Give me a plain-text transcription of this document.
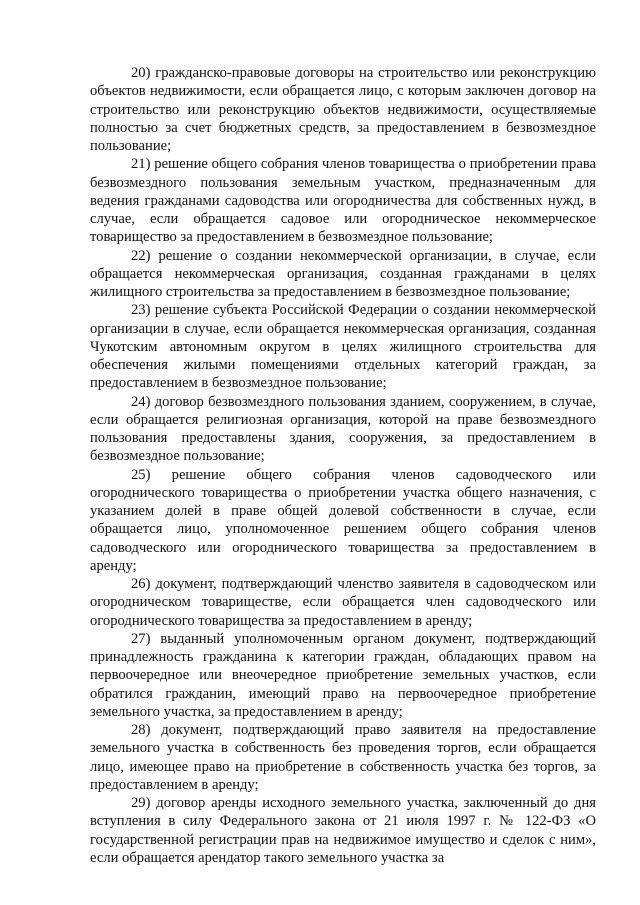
20) гражданско-правовые договоры на строительство или реконструкцию объектов недвижимости, если обращается лицо, с которым заключен договор на строительство или реконструкцию объектов недвижимости, осуществляемые полностью за счет бюджетных средств, за предоставлением в безвозмездное пользование;

21) решение общего собрания членов товарищества о приобретении права безвозмездного пользования земельным участком, предназначенным для ведения гражданами садоводства или огородничества для собственных нужд, в случае, если обращается садовое или огородническое некоммерческое товарищество за предоставлением в безвозмездное пользование;

22) решение о создании некоммерческой организации, в случае, если обращается некоммерческая организация, созданная гражданами в целях жилищного строительства за предоставлением в безвозмездное пользование;

23) решение субъекта Российской Федерации о создании некоммерческой организации в случае, если обращается некоммерческая организация, созданная Чукотским автономным округом в целях жилищного строительства для обеспечения жилыми помещениями отдельных категорий граждан, за предоставлением в безвозмездное пользование;

24) договор безвозмездного пользования зданием, сооружением, в случае, если обращается религиозная организация, которой на праве безвозмездного пользования предоставлены здания, сооружения, за предоставлением в безвозмездное пользование;

25) решение общего собрания членов садоводческого или огороднического товарищества о приобретении участка общего назначения, с указанием долей в праве общей долевой собственности в случае, если обращается лицо, уполномоченное решением общего собрания членов садоводческого или огороднического товарищества за предоставлением в аренду;

26) документ, подтверждающий членство заявителя в садоводческом или огородническом товариществе, если обращается член садоводческого или огороднического товарищества за предоставлением в аренду;

27) выданный уполномоченным органом документ, подтверждающий принадлежность гражданина к категории граждан, обладающих правом на первоочередное или внеочередное приобретение земельных участков, если обратился гражданин, имеющий право на первоочередное приобретение земельного участка, за предоставлением в аренду;

28) документ, подтверждающий право заявителя на предоставление земельного участка в собственность без проведения торгов, если обращается лицо, имеющее право на приобретение в собственность участка без торгов, за предоставлением в аренду;

29) договор аренды исходного земельного участка, заключенный до дня вступления в силу Федерального закона от 21 июля 1997 г. № 122-ФЗ «О государственной регистрации прав на недвижимое имущество и сделок с ним», если обращается арендатор такого земельного участка за
